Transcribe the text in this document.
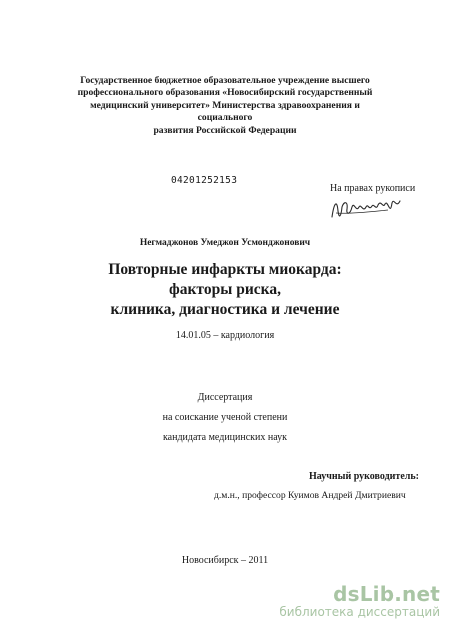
Государственное бюджетное образовательное учреждение высшего
профессионального образования «Новосибирский государственный
медицинский университет» Министерства здравоохранения и социального
развития Российской Федерации
04201252153
На правах рукописи
Негмаджонов Умеджон Усмонджонович
Повторные инфаркты миокарда: факторы риска,
клиника, диагностика и лечение
14.01.05 – кардиология
Диссертация
на соискание ученой степени
кандидата медицинских наук
Научный руководитель:
д.м.н., профессор Куимов Андрей Дмитриевич
Новосибирск – 2011
dsLib.net
библиотека диссертаций
